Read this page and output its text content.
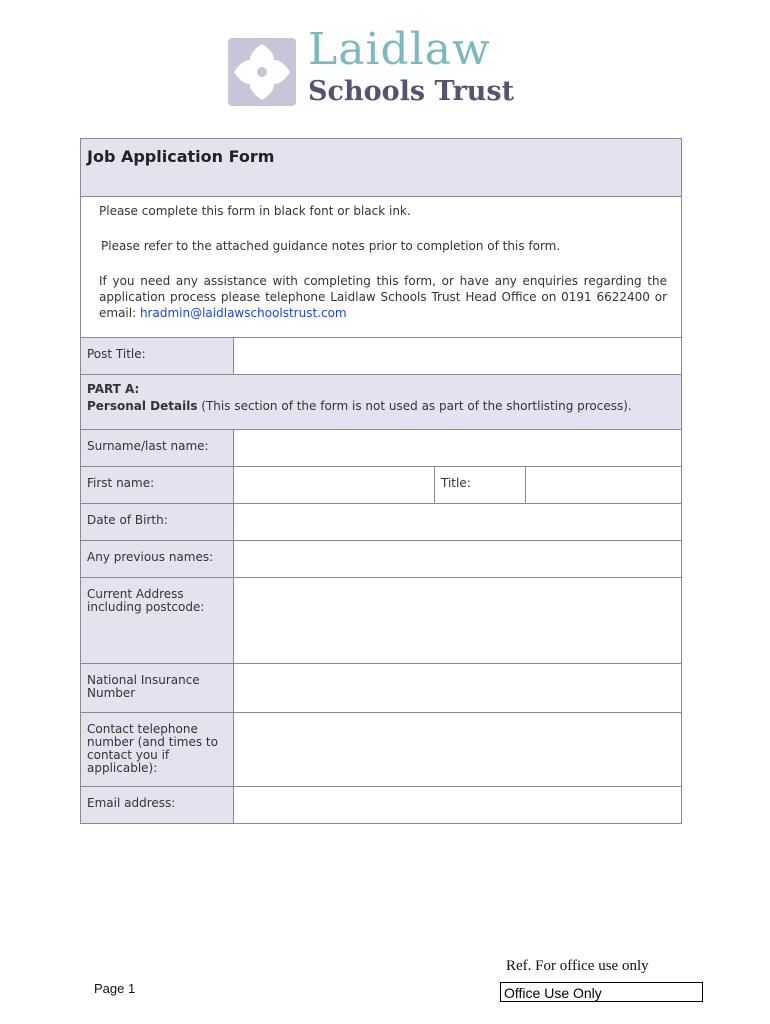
Laidlaw
Schools Trust
Job Application Form			

Please complete this form in black font or black ink.

Please refer to the attached guidance notes prior to completion of this form.

If you need any assistance with completing this form, or have any enquiries regarding the application process please telephone Laidlaw Schools Trust Head Office on 0191 6622400 or email: hradmin@laidlawschoolstrust.com			

Post Title:			

PART A:
Personal Details (This section of the form is not used as part of the shortlisting process).			

Surname/last name:			
First name:		Title:	
Date of Birth:			
Any previous names:			
Current Address including postcode:			
National Insurance Number			
Contact telephone number (and times to contact you if applicable):			
Email address:			
Page 1
Ref. For office use only
Office Use Only
